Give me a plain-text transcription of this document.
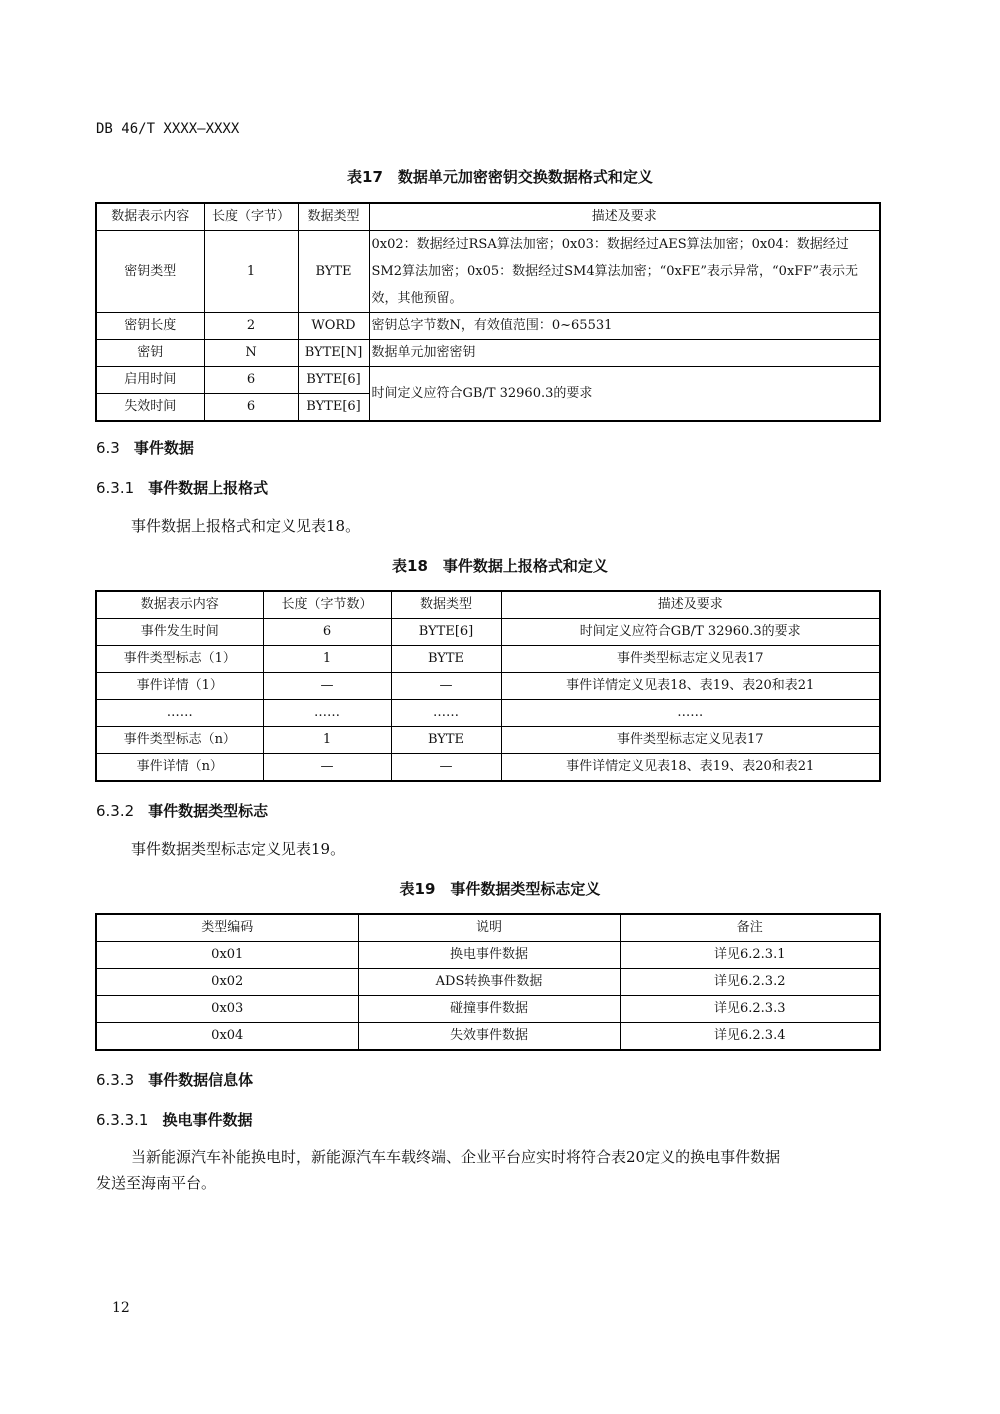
DB 46/T XXXX—XXXX
表17　数据单元加密密钥交换数据格式和定义
数据表示内容	长度（字节）	数据类型	描述及要求
密钥类型	1	BYTE	0x02：数据经过RSA算法加密；0x03：数据经过AES算法加密；0x04：数据经过SM2算法加密；0x05：数据经过SM4算法加密；“0xFE”表示异常，“0xFF”表示无效，其他预留。
密钥长度	2	WORD	密钥总字节数N，有效值范围：0~65531
密钥	N	BYTE[N]	数据单元加密密钥
启用时间	6	BYTE[6]	时间定义应符合GB/T 32960.3的要求
失效时间	6	BYTE[6]	
6.3 事件数据
6.3.1 事件数据上报格式
事件数据上报格式和定义见表18。
表18　事件数据上报格式和定义
数据表示内容	长度（字节数）	数据类型	描述及要求
事件发生时间	6	BYTE[6]	时间定义应符合GB/T 32960.3的要求
事件类型标志（1）	1	BYTE	事件类型标志定义见表17
事件详情（1）	—	—	事件详情定义见表18、表19、表20和表21
……	……	……	……
事件类型标志（n）	1	BYTE	事件类型标志定义见表17
事件详情（n）	—	—	事件详情定义见表18、表19、表20和表21
6.3.2 事件数据类型标志
事件数据类型标志定义见表19。
表19　事件数据类型标志定义
类型编码	说明	备注
0x01	换电事件数据	详见6.2.3.1
0x02	ADS转换事件数据	详见6.2.3.2
0x03	碰撞事件数据	详见6.2.3.3
0x04	失效事件数据	详见6.2.3.4
6.3.3 事件数据信息体
6.3.3.1 换电事件数据
当新能源汽车补能换电时，新能源汽车车载终端、企业平台应实时将符合表20定义的换电事件数据
发送至海南平台。
12
